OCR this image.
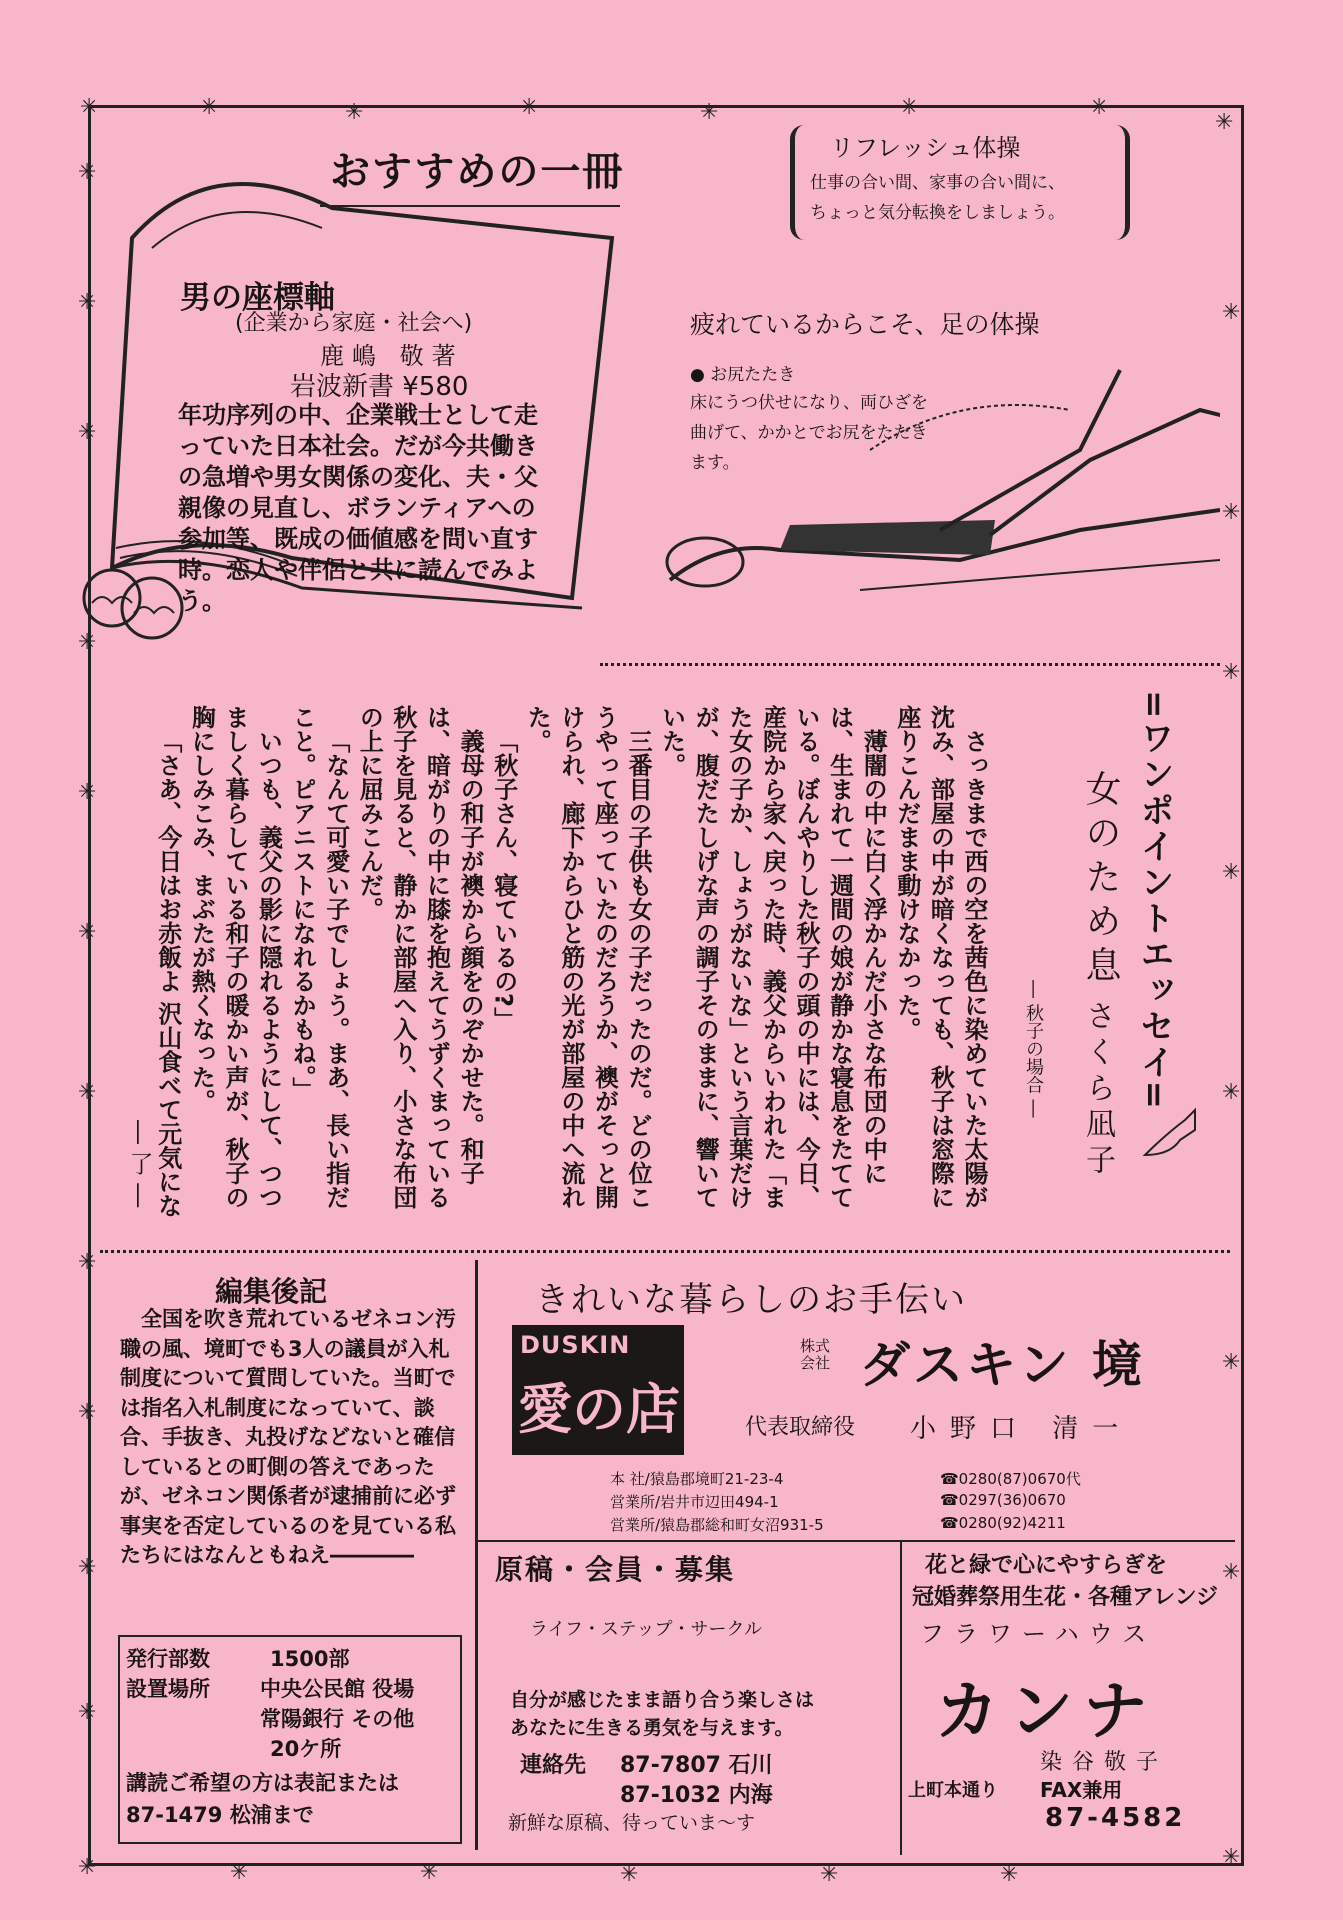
✳	✳	✳	✳	✳	✳	✳
✳
✳
✳
✳
✳
✳
✳
✳
✳
✳
✳
✳
✳
✳
✳
✳
✳
✳
✳
✳
✳
✳	✳	✳	✳	✳
おすすめの一冊
男の座標軸
(企業から家庭・社会へ)
鹿嶋 敬著
岩波新書 ¥580
年功序列の中、企業戦士として走っていた日本社会。だが今共働きの急増や男女関係の変化、夫・父親像の見直し、ボランティアへの参加等、既成の価値感を問い直す時。恋人や伴侶と共に読んでみよう。
リフレッシュ体操
仕事の合い間、家事の合い間に、
ちょっと気分転換をしましょう。
疲れているからこそ、足の体操
● お尻たたき
床にうつ伏せになり、両ひざを曲げて、かかとでお尻をたたきます。
=ワンポイントエッセイ=
女のため息
さくら凪子
― 秋子の場合 ―

さっきまで西の空を茜色に染めていた太陽が沈み、部屋の中が暗くなっても、秋子は窓際に座りこんだまま動けなかった。

薄闇の中に白く浮かんだ小さな布団の中には、生まれて一週間の娘が静かな寝息をたてている。ぼんやりした秋子の頭の中には、今日、産院から家へ戻った時、義父からいわれた「また女の子か、しょうがないな」という言葉だけが、腹だたしげな声の調子そのままに、響いていた。

三番目の子供も女の子だったのだ。どの位こうやって座っていたのだろうか、襖がそっと開けられ、廊下からひと筋の光が部屋の中へ流れた。

「秋子さん、寝ているの?」

義母の和子が襖から顔をのぞかせた。和子は、暗がりの中に膝を抱えてうずくまっている秋子を見ると、静かに部屋へ入り、小さな布団の上に屈みこんだ。

「なんて可愛い子でしょう。まあ、長い指だこと。ピアニストになれるかもね。」

いつも、義父の影に隠れるようにして、つつましく暮らしている和子の暖かい声が、秋子の胸にしみこみ、まぶたが熱くなった。

「さあ、今日はお赤飯よ 沢山食べて元気にな

― 了 ―
編集後記
全国を吹き荒れているゼネコン汚職の風、境町でも3人の議員が入札制度について質問していた。当町では指名入札制度になっていて、談合、手抜き、丸投げなどないと確信しているとの町側の答えであったが、ゼネコン関係者が逮捕前に必ず事実を否定しているのを見ている私たちにはなんともねえ――――
発行部数	1500部
設置場所 中央公民館 役場
常陽銀行 その他
20ケ所
講読ご希望の方は表記または
87-1479 松浦まで
きれいな暮らしのお手伝い
DUSKIN
愛の店
株式
会社 ダスキン 境
代表取締役 小野口 清一
本 社/猿島郡境町21-23-4	☎0280(87)0670代
営業所/岩井市辺田494-1	☎0297(36)0670
営業所/猿島郡総和町女沼931-5	☎0280(92)4211
原稿・会員・募集
ライフ・ステップ・サークル
自分が感じたまま語り合う楽しさは
あなたに生きる勇気を与えます。
連絡先 87-7807 石川
87-1032 内海
新鮮な原稿、待っていま〜す
花と緑で心にやすらぎを
冠婚葬祭用生花・各種アレンジ
フラワーハウス
カンナ
染谷敬子
上町本通り FAX兼用
87-4582
